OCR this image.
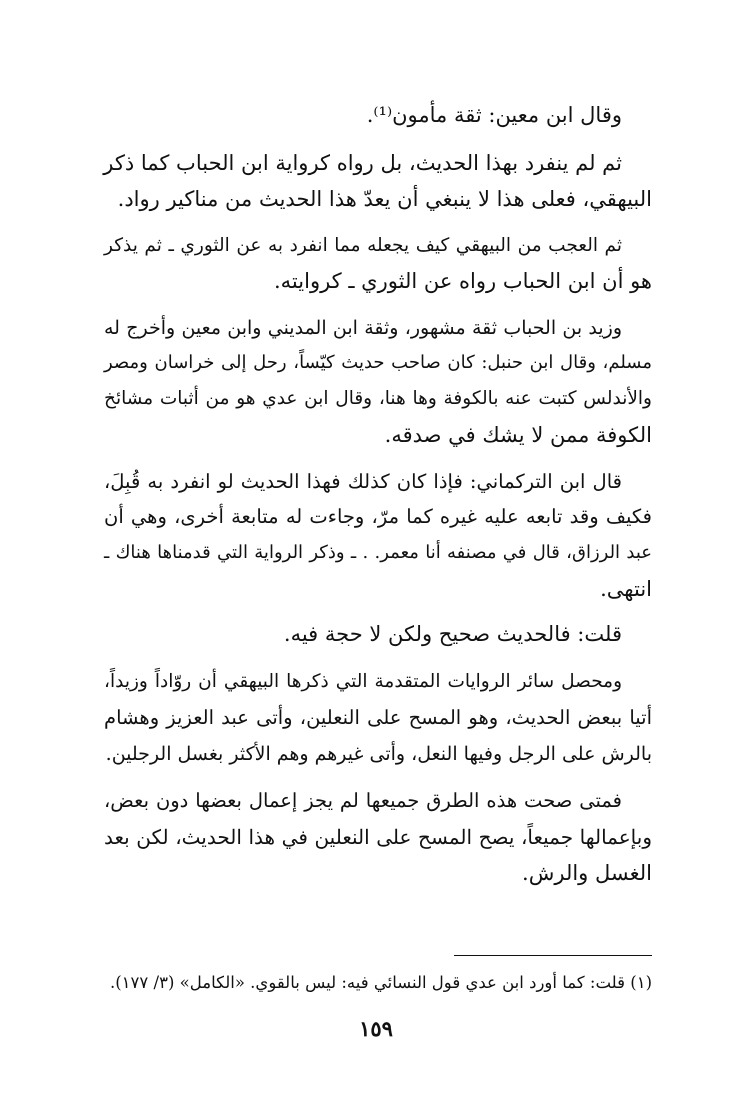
وقال ابن معين: ثقة مأمون⁽¹⁾.
ثم لم ينفرد بهذا الحديث، بل رواه كرواية ابن الحباب كما ذكر
البيهقي، فعلى هذا لا ينبغي أن يعدّ هذا الحديث من مناكير رواد.
ثم العجب من البيهقي كيف يجعله مما انفرد به عن الثوري ـ ثم يذكر
هو أن ابن الحباب رواه عن الثوري ـ كروايته.
وزيد بن الحباب ثقة مشهور، وثقة ابن المديني وابن معين وأخرج له
مسلم، وقال ابن حنبل: كان صاحب حديث كيّساً، رحل إلى خراسان ومصر
والأندلس كتبت عنه بالكوفة وها هنا، وقال ابن عدي هو من أثبات مشائخ
الكوفة ممن لا يشك في صدقه.
قال ابن التركماني: فإذا كان كذلك فهذا الحديث لو انفرد به قُبِلَ،
فكيف وقد تابعه عليه غيره كما مرّ، وجاءت له متابعة أخرى، وهي أن
عبد الرزاق، قال في مصنفه أنا معمر. . ـ وذكر الرواية التي قدمناها هناك ـ
انتهى.
قلت: فالحديث صحيح ولكن لا حجة فيه.
ومحصل سائر الروايات المتقدمة التي ذكرها البيهقي أن روّاداً وزيداً،
أتيا ببعض الحديث، وهو المسح على النعلين، وأتى عبد العزيز وهشام
بالرش على الرجل وفيها النعل، وأتى غيرهم وهم الأكثر بغسل الرجلين.
فمتى صحت هذه الطرق جميعها لم يجز إعمال بعضها دون بعض،
وبإعمالها جميعاً، يصح المسح على النعلين في هذا الحديث، لكن بعد
الغسل والرش.
(١) قلت: كما أورد ابن عدي قول النسائي فيه: ليس بالقوي. «الكامل» (٣/ ١٧٧).
١٥٩
